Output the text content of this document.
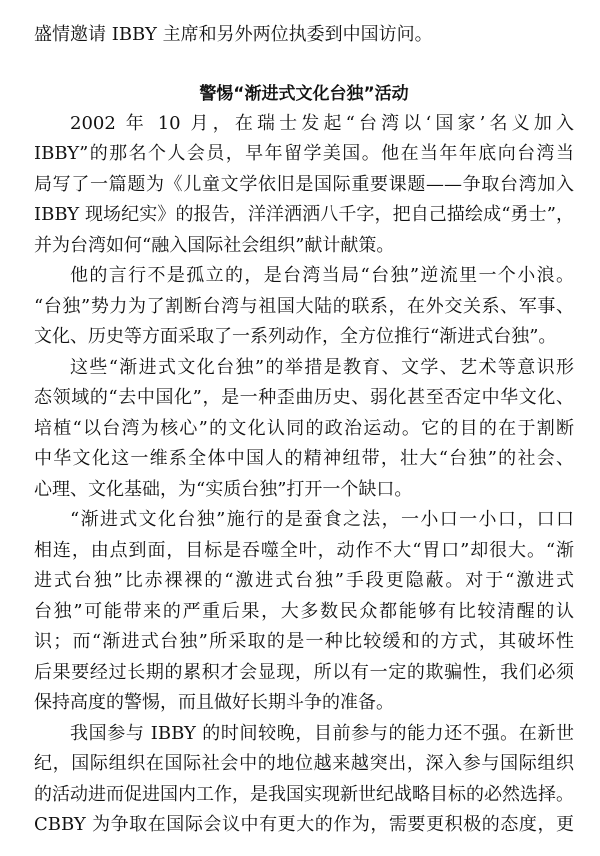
盛情邀请 IBBY 主席和另外两位执委到中国访问。
警惕“渐进式文化台独”活动
2002 年 10 月，在瑞士发起“台湾以‘国家’名义加入
IBBY”的那名个人会员，早年留学美国。他在当年年底向台湾当
局写了一篇题为《儿童文学依旧是国际重要课题——争取台湾加入
IBBY 现场纪实》的报告，洋洋洒洒八千字，把自己描绘成“勇士”，
并为台湾如何“融入国际社会组织”献计献策。
他的言行不是孤立的，是台湾当局“台独”逆流里一个小浪。
“台独”势力为了割断台湾与祖国大陆的联系，在外交关系、军事、
文化、历史等方面采取了一系列动作，全方位推行“渐进式台独”。
这些“渐进式文化台独”的举措是教育、文学、艺术等意识形
态领域的“去中国化”，是一种歪曲历史、弱化甚至否定中华文化、
培植“以台湾为核心”的文化认同的政治运动。它的目的在于割断
中华文化这一维系全体中国人的精神纽带，壮大“台独”的社会、
心理、文化基础，为“实质台独”打开一个缺口。
“渐进式文化台独”施行的是蚕食之法，一小口一小口，口口
相连，由点到面，目标是吞噬全叶，动作不大“胃口”却很大。“渐
进式台独”比赤裸裸的“激进式台独”手段更隐蔽。对于“激进式
台独”可能带来的严重后果，大多数民众都能够有比较清醒的认
识；而“渐进式台独”所采取的是一种比较缓和的方式，其破坏性
后果要经过长期的累积才会显现，所以有一定的欺骗性，我们必须
保持高度的警惕，而且做好长期斗争的准备。
我国参与 IBBY 的时间较晚，目前参与的能力还不强。在新世
纪，国际组织在国际社会中的地位越来越突出，深入参与国际组织
的活动进而促进国内工作，是我国实现新世纪战略目标的必然选择。
CBBY 为争取在国际会议中有更大的作为，需要更积极的态度，更
